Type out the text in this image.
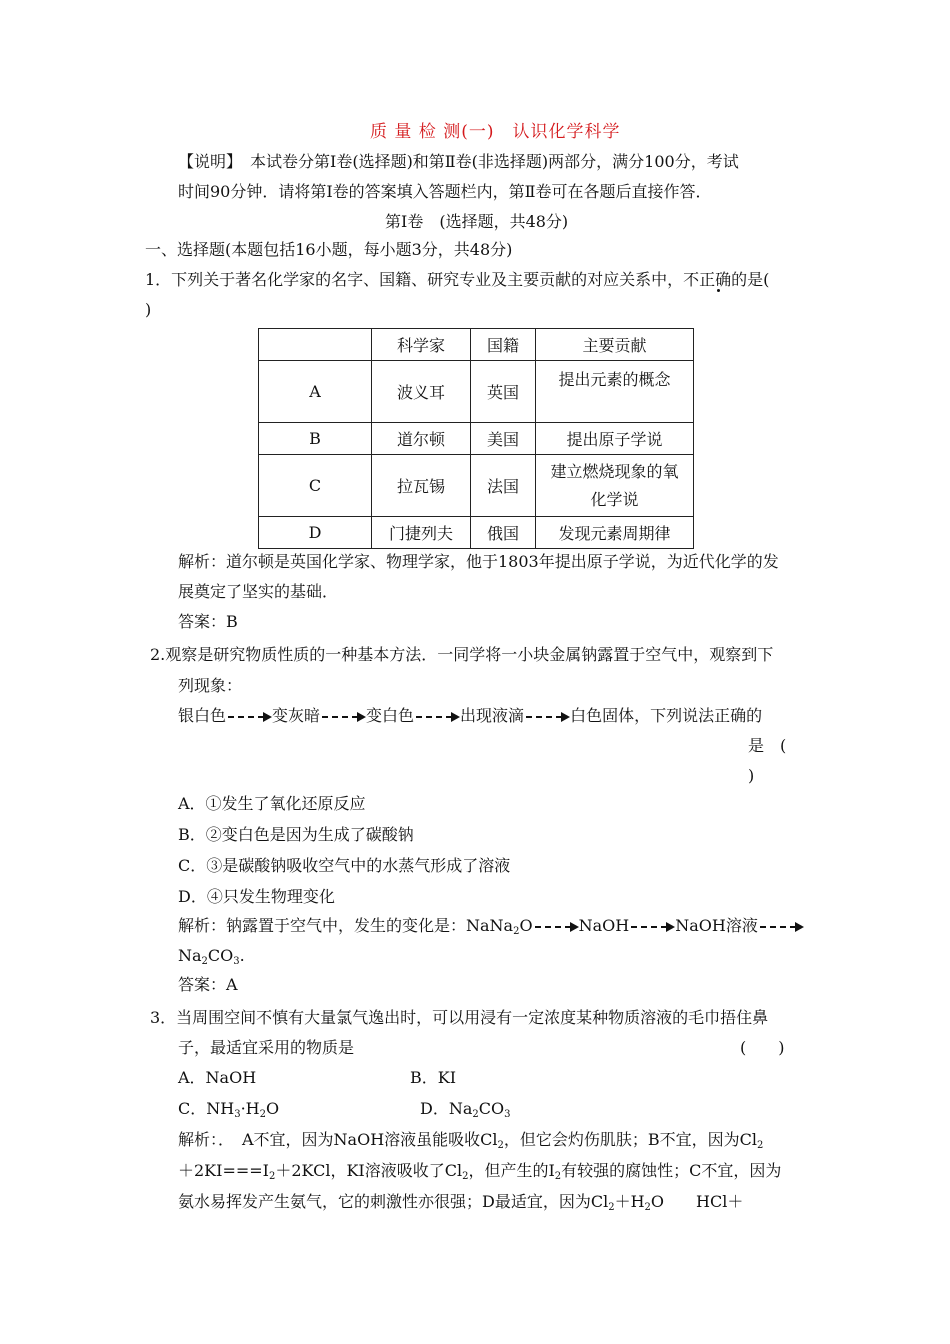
质 量 检 测(一)　认识化学科学
【说明】　本试卷分第Ⅰ卷(选择题)和第Ⅱ卷(非选择题)两部分，满分100分，考试
时间90分钟．请将第Ⅰ卷的答案填入答题栏内，第Ⅱ卷可在各题后直接作答．
第Ⅰ卷　(选择题，共48分)
一、选择题(本题包括16小题，每小题3分，共48分)
1．下列关于著名化学家的名字、国籍、研究专业及主要贡献的对应关系中，不正确的是(
)
	科学家	国籍	主要贡献
A	波义耳	英国	提出元素的概念
B	道尔顿	美国	提出原子学说
C	拉瓦锡	法国	建立燃烧现象的氧化学说
D	门捷列夫	俄国	发现元素周期律
解析：道尔顿是英国化学家、物理学家，他于1803年提出原子学说，为近代化学的发
展奠定了坚实的基础．
答案：B
2.观察是研究物质性质的一种基本方法．一同学将一小块金属钠露置于空气中，观察到下
列现象：
银白色	变灰暗	变白色	出现液滴	白色固体，下列说法正确的
是　(
)
A．①发生了氧化还原反应
B．②变白色是因为生成了碳酸钠
C．③是碳酸钠吸收空气中的水蒸气形成了溶液
D．④只发生物理变化
解析：钠露置于空气中，发生的变化是：NaNa$_2$O	NaOH	NaOH溶液
$Na_2CO_3$.
答案：A
3．当周围空间不慎有大量氯气逸出时，可以用浸有一定浓度某种物质溶液的毛巾捂住鼻
子，最适宜采用的物质是	(　　)
A．NaOH	B．KI
C．$NH_3\cdot H_2O$	D．$Na_2CO_3$
解析：．　A不宜，因为NaOH溶液虽能吸收$Cl_2$，但它会灼伤肌肤；B不宜，因为$Cl_2$
$+2KI===I_2+2KCl$，KI溶液吸收了$Cl_2$，但产生的$I_2$有较强的腐蚀性；C不宜，因为
氨水易挥发产生氨气，它的刺激性亦很强；D最适宜，因为$Cl_2+H_2O$　　HCl＋
